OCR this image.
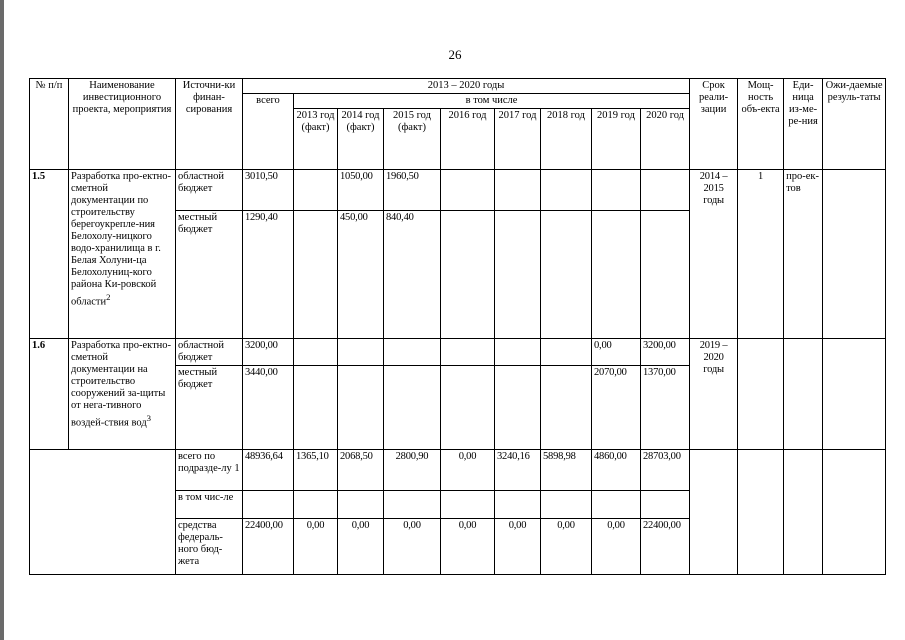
26
№ п/п	Наименование инвестиционного проекта, мероприятия	Источни-ки финан-сирования	2013 – 2020 годы									Срок реали-зации	Мощ-ность объ-екта	Еди-ница из-ме-ре-ния	Ожи-даемые резуль-таты
			всего	в том числе											
				2013 год (факт)	2014 год (факт)	2015 год (факт)	2016 год	2017 год	2018 год	2019 год	2020 год				
1.5	Разработка про-ектно-сметной документации по строительству берегоукрепле-ния Белохолу-ницкого водо-хранилища в г. Белая Холуни-ца Белохолуниц-кого района Ки-ровской области$^2$	областной бюджет	3010,50		1050,00	1960,50						2014 – 2015 годы	1	про-ек-тов	
		местный бюджет	1290,40		450,00	840,40									
1.6	Разработка про-ектно-сметной документации на строительство сооружений за-щиты от нега-тивного воздей-ствия вод$^3$	областной бюджет	3200,00							0,00	3200,00	2019 – 2020 годы			
		местный бюджет	3440,00							2070,00	1370,00				
		всего по подразде-лу 1	48936,64	1365,10	2068,50	2800,90	0,00	3240,16	5898,98	4860,00	28703,00				
		в том чис-ле													
		средства федераль-ного бюд-жета	22400,00	0,00	0,00	0,00	0,00	0,00	0,00	0,00	22400,00				
